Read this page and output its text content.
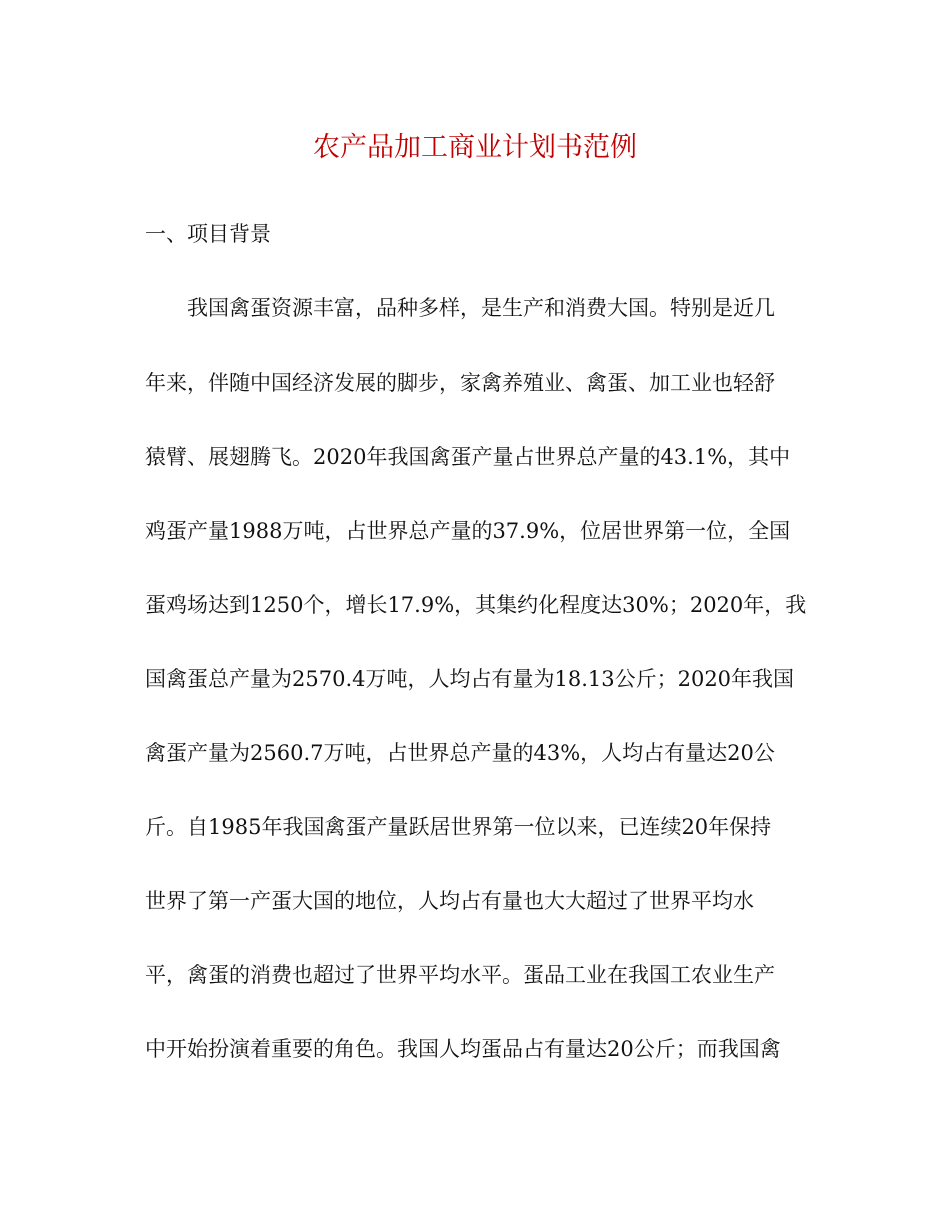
农产品加工商业计划书范例
一、项目背景
我国禽蛋资源丰富，品种多样，是生产和消费大国。特别是近几
年来，伴随中国经济发展的脚步，家禽养殖业、禽蛋、加工业也轻舒
猿臂、展翅腾飞。2020年我国禽蛋产量占世界总产量的43.1%，其中
鸡蛋产量1988万吨，占世界总产量的37.9%，位居世界第一位，全国
蛋鸡场达到1250个，增长17.9%，其集约化程度达30%；2020年，我
国禽蛋总产量为2570.4万吨，人均占有量为18.13公斤；2020年我国
禽蛋产量为2560.7万吨，占世界总产量的43%，人均占有量达20公
斤。自1985年我国禽蛋产量跃居世界第一位以来，已连续20年保持
世界了第一产蛋大国的地位，人均占有量也大大超过了世界平均水
平，禽蛋的消费也超过了世界平均水平。蛋品工业在我国工农业生产
中开始扮演着重要的角色。我国人均蛋品占有量达20公斤；而我国禽
